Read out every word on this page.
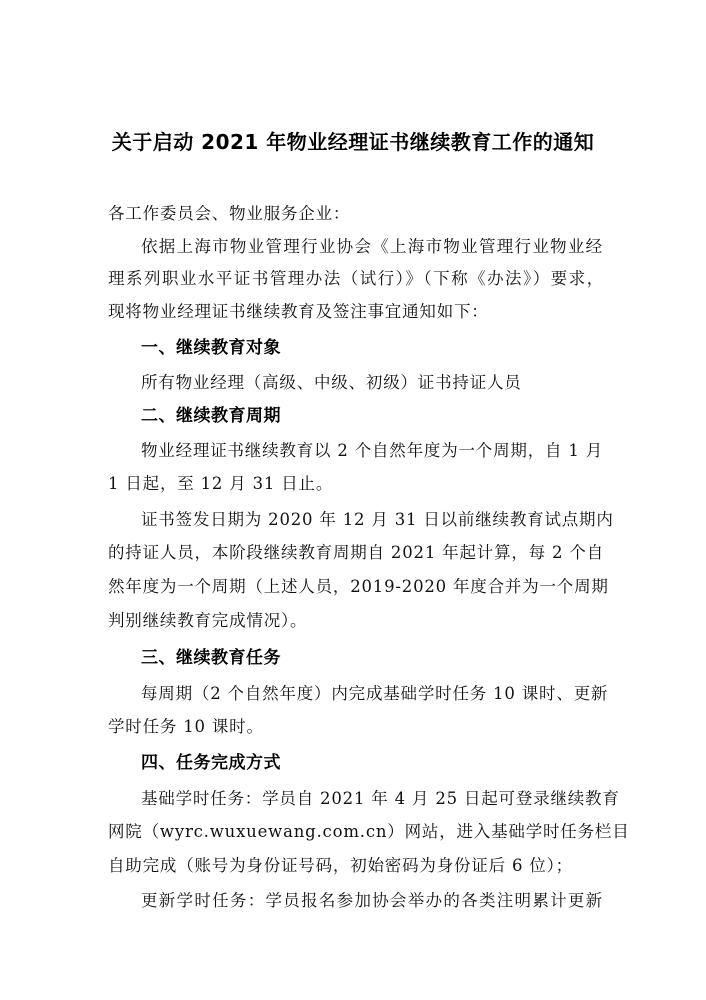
关于启动 2021 年物业经理证书继续教育工作的通知
各工作委员会、物业服务企业：
依据上海市物业管理行业协会《上海市物业管理行业物业经
理系列职业水平证书管理办法（试行）》（下称《办法》）要求，
现将物业经理证书继续教育及签注事宜通知如下：
一、继续教育对象
所有物业经理（高级、中级、初级）证书持证人员
二、继续教育周期
物业经理证书继续教育以 2 个自然年度为一个周期，自 1 月
1 日起，至 12 月 31 日止。
证书签发日期为 2020 年 12 月 31 日以前继续教育试点期内
的持证人员，本阶段继续教育周期自 2021 年起计算，每 2 个自
然年度为一个周期（上述人员，2019-2020 年度合并为一个周期
判别继续教育完成情况）。
三、继续教育任务
每周期（2 个自然年度）内完成基础学时任务 10 课时、更新
学时任务 10 课时。
四、任务完成方式
基础学时任务：学员自 2021 年 4 月 25 日起可登录继续教育
网院（wyrc.wuxuewang.com.cn）网站，进入基础学时任务栏目
自助完成（账号为身份证号码，初始密码为身份证后 6 位）；
更新学时任务：学员报名参加协会举办的各类注明累计更新
